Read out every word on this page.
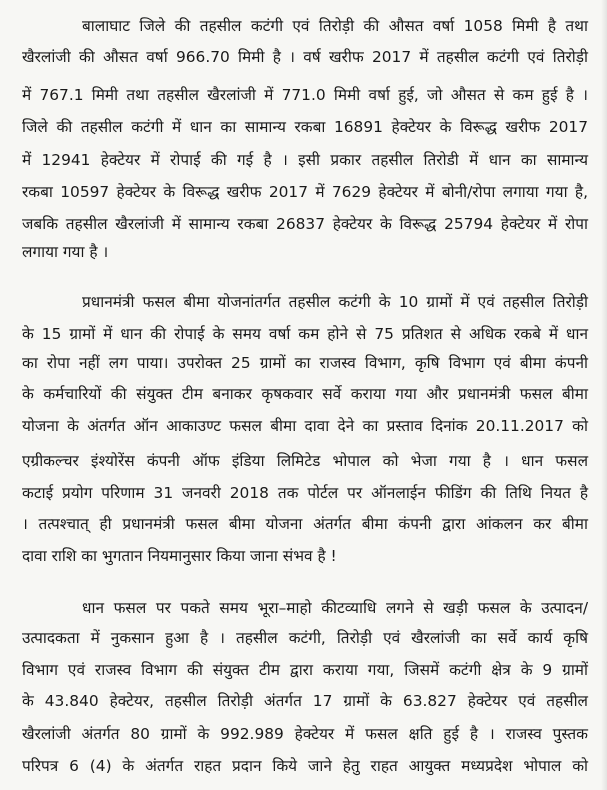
बालाघाट जिले की तहसील कटंगी एवं तिरोड़ी की औसत वर्षा 1058 मिमी है तथा
खैरलांजी की औसत वर्षा 966.70 मिमी है । वर्ष खरीफ 2017 में तहसील कटंगी एवं तिरोड़ी
में 767.1 मिमी तथा तहसील खैरलांजी में 771.0 मिमी वर्षा हुई, जो औसत से कम हुई है ।
जिले की तहसील कटंगी में धान का सामान्य रकबा 16891 हेक्टेयर के विरूद्ध खरीफ 2017
में 12941 हेक्टेयर में रोपाई की गई है । इसी प्रकार तहसील तिरोडी में धान का सामान्य
रकबा 10597 हेक्टेयर के विरूद्ध खरीफ 2017 में 7629 हेक्टेयर में बोनी/रोपा लगाया गया है,
जबकि तहसील खैरलांजी में सामान्य रकबा 26837 हेक्टेयर के विरूद्ध 25794 हेक्टेयर में रोपा
लगाया गया है ।
प्रधानमंत्री फसल बीमा योजनांतर्गत तहसील कटंगी के 10 ग्रामों में एवं तहसील तिरोड़ी
के 15 ग्रामों में धान की रोपाई के समय वर्षा कम होने से 75 प्रतिशत से अधिक रकबे में धान
का रोपा नहीं लग पाया। उपरोक्त 25 ग्रामों का राजस्व विभाग, कृषि विभाग एवं बीमा कंपनी
के कर्मचारियों की संयुक्त टीम बनाकर कृषकवार सर्वे कराया गया और प्रधानमंत्री फसल बीमा
योजना के अंतर्गत ऑन आकाउण्ट फसल बीमा दावा देने का प्रस्ताव दिनांक 20.11.2017 को
एग्रीकल्चर इंश्योरेंस कंपनी ऑफ इंडिया लिमिटेड भोपाल को भेजा गया है । धान फसल
कटाई प्रयोग परिणाम 31 जनवरी 2018 तक पोर्टल पर ऑनलाईन फीडिंग की तिथि नियत है
। तत्पश्चात् ही प्रधानमंत्री फसल बीमा योजना अंतर्गत बीमा कंपनी द्वारा आंकलन कर बीमा
दावा राशि का भुगतान नियमानुसार किया जाना संभव है !
धान फसल पर पकते समय भूरा–माहो कीटव्याधि लगने से खड़ी फसल के उत्पादन/
उत्पादकता में नुकसान हुआ है । तहसील कटंगी, तिरोड़ी एवं खैरलांजी का सर्वे कार्य कृषि
विभाग एवं राजस्व विभाग की संयुक्त टीम द्वारा कराया गया, जिसमें कटंगी क्षेत्र के 9 ग्रामों
के 43.840 हेक्टेयर, तहसील तिरोड़ी अंतर्गत 17 ग्रामों के 63.827 हेक्टेयर एवं तहसील
खैरलांजी अंतर्गत 80 ग्रामों के 992.989 हेक्टेयर में फसल क्षति हुई है । राजस्व पुस्तक
परिपत्र 6 (4) के अंतर्गत राहत प्रदान किये जाने हेतु राहत आयुक्त मध्यप्रदेश भोपाल को
